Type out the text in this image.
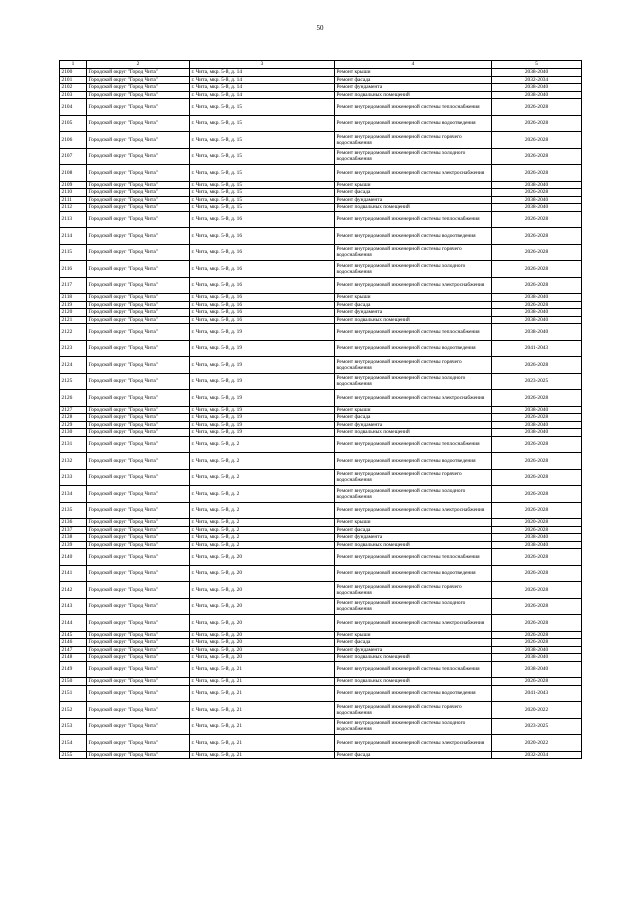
50
1	2	3	4	5
2100	Городской округ "Город Чита"	г. Чита, мкр. 5-й, д. 14	Ремонт крыши	2038-2040
2101	Городской округ "Город Чита"	г. Чита, мкр. 5-й, д. 14	Ремонт фасада	2032-2034
2102	Городской округ "Город Чита"	г. Чита, мкр. 5-й, д. 14	Ремонт фундамента	2038-2040
2103	Городской округ "Город Чита"	г. Чита, мкр. 5-й, д. 14	Ремонт подвальных помещений	2038-2040
2104	Городской округ "Город Чита"	г. Чита, мкр. 5-й, д. 15	Ремонт внутридомовой инженерной системы теплоснабжения	2026-2028
2105	Городской округ "Город Чита"	г. Чита, мкр. 5-й, д. 15	Ремонт внутридомовой инженерной системы водоотведения	2026-2028
2106	Городской округ "Город Чита"	г. Чита, мкр. 5-й, д. 15	Ремонт внутридомовой инженерной системы горячего водоснабжения	2026-2028
2107	Городской округ "Город Чита"	г. Чита, мкр. 5-й, д. 15	Ремонт внутридомовой инженерной системы холодного водоснабжения	2026-2028
2108	Городской округ "Город Чита"	г. Чита, мкр. 5-й, д. 15	Ремонт внутридомовой инженерной системы электроснабжения	2026-2028
2109	Городской округ "Город Чита"	г. Чита, мкр. 5-й, д. 15	Ремонт крыши	2038-2040
2110	Городской округ "Город Чита"	г. Чита, мкр. 5-й, д. 15	Ремонт фасада	2026-2028
2111	Городской округ "Город Чита"	г. Чита, мкр. 5-й, д. 15	Ремонт фундамента	2038-2040
2112	Городской округ "Город Чита"	г. Чита, мкр. 5-й, д. 15	Ремонт подвальных помещений	2038-2040
2113	Городской округ "Город Чита"	г. Чита, мкр. 5-й, д. 16	Ремонт внутридомовой инженерной системы теплоснабжения	2026-2028
2114	Городской округ "Город Чита"	г. Чита, мкр. 5-й, д. 16	Ремонт внутридомовой инженерной системы водоотведения	2026-2028
2115	Городской округ "Город Чита"	г. Чита, мкр. 5-й, д. 16	Ремонт внутридомовой инженерной системы горячего водоснабжения	2026-2028
2116	Городской округ "Город Чита"	г. Чита, мкр. 5-й, д. 16	Ремонт внутридомовой инженерной системы холодного водоснабжения	2026-2028
2117	Городской округ "Город Чита"	г. Чита, мкр. 5-й, д. 16	Ремонт внутридомовой инженерной системы электроснабжения	2026-2028
2118	Городской округ "Город Чита"	г. Чита, мкр. 5-й, д. 16	Ремонт крыши	2038-2040
2119	Городской округ "Город Чита"	г. Чита, мкр. 5-й, д. 16	Ремонт фасада	2026-2028
2120	Городской округ "Город Чита"	г. Чита, мкр. 5-й, д. 16	Ремонт фундамента	2038-2040
2121	Городской округ "Город Чита"	г. Чита, мкр. 5-й, д. 16	Ремонт подвальных помещений	2038-2040
2122	Городской округ "Город Чита"	г. Чита, мкр. 5-й, д. 19	Ремонт внутридомовой инженерной системы теплоснабжения	2038-2040
2123	Городской округ "Город Чита"	г. Чита, мкр. 5-й, д. 19	Ремонт внутридомовой инженерной системы водоотведения	2041-2043
2124	Городской округ "Город Чита"	г. Чита, мкр. 5-й, д. 19	Ремонт внутридомовой инженерной системы горячего водоснабжения	2026-2028
2125	Городской округ "Город Чита"	г. Чита, мкр. 5-й, д. 19	Ремонт внутридомовой инженерной системы холодного водоснабжения	2023-2025
2126	Городской округ "Город Чита"	г. Чита, мкр. 5-й, д. 19	Ремонт внутридомовой инженерной системы электроснабжения	2026-2028
2127	Городской округ "Город Чита"	г. Чита, мкр. 5-й, д. 19	Ремонт крыши	2038-2040
2128	Городской округ "Город Чита"	г. Чита, мкр. 5-й, д. 19	Ремонт фасада	2026-2028
2129	Городской округ "Город Чита"	г. Чита, мкр. 5-й, д. 19	Ремонт фундамента	2038-2040
2130	Городской округ "Город Чита"	г. Чита, мкр. 5-й, д. 19	Ремонт подвальных помещений	2038-2040
2131	Городской округ "Город Чита"	г. Чита, мкр. 5-й, д. 2	Ремонт внутридомовой инженерной системы теплоснабжения	2026-2028
2132	Городской округ "Город Чита"	г. Чита, мкр. 5-й, д. 2	Ремонт внутридомовой инженерной системы водоотведения	2026-2028
2133	Городской округ "Город Чита"	г. Чита, мкр. 5-й, д. 2	Ремонт внутридомовой инженерной системы горячего водоснабжения	2026-2028
2134	Городской округ "Город Чита"	г. Чита, мкр. 5-й, д. 2	Ремонт внутридомовой инженерной системы холодного водоснабжения	2026-2028
2135	Городской округ "Город Чита"	г. Чита, мкр. 5-й, д. 2	Ремонт внутридомовой инженерной системы электроснабжения	2026-2028
2136	Городской округ "Город Чита"	г. Чита, мкр. 5-й, д. 2	Ремонт крыши	2020-2028
2137	Городской округ "Город Чита"	г. Чита, мкр. 5-й, д. 2	Ремонт фасада	2026-2028
2138	Городской округ "Город Чита"	г. Чита, мкр. 5-й, д. 2	Ремонт фундамента	2038-2040
2139	Городской округ "Город Чита"	г. Чита, мкр. 5-й, д. 2	Ремонт подвальных помещений	2038-2040
2140	Городской округ "Город Чита"	г. Чита, мкр. 5-й, д. 20	Ремонт внутридомовой инженерной системы теплоснабжения	2026-2028
2141	Городской округ "Город Чита"	г. Чита, мкр. 5-й, д. 20	Ремонт внутридомовой инженерной системы водоотведения	2026-2028
2142	Городской округ "Город Чита"	г. Чита, мкр. 5-й, д. 20	Ремонт внутридомовой инженерной системы горячего водоснабжения	2026-2028
2143	Городской округ "Город Чита"	г. Чита, мкр. 5-й, д. 20	Ремонт внутридомовой инженерной системы холодного водоснабжения	2026-2028
2144	Городской округ "Город Чита"	г. Чита, мкр. 5-й, д. 20	Ремонт внутридомовой инженерной системы электроснабжения	2026-2028
2145	Городской округ "Город Чита"	г. Чита, мкр. 5-й, д. 20	Ремонт крыши	2026-2028
2146	Городской округ "Город Чита"	г. Чита, мкр. 5-й, д. 20	Ремонт фасада	2026-2028
2147	Городской округ "Город Чита"	г. Чита, мкр. 5-й, д. 20	Ремонт фундамента	2038-2040
2148	Городской округ "Город Чита"	г. Чита, мкр. 5-й, д. 20	Ремонт подвальных помещений	2038-2040
2149	Городской округ "Город Чита"	г. Чита, мкр. 5-й, д. 21	Ремонт внутридомовой инженерной системы теплоснабжения	2038-2040
2150	Городской округ "Город Чита"	г. Чита, мкр. 5-й, д. 21	Ремонт подвальных помещений	2026-2028
2151	Городской округ "Город Чита"	г. Чита, мкр. 5-й, д. 21	Ремонт внутридомовой инженерной системы водоотведения	2041-2043
2152	Городской округ "Город Чита"	г. Чита, мкр. 5-й, д. 21	Ремонт внутридомовой инженерной системы горячего водоснабжения	2020-2022
2153	Городской округ "Город Чита"	г. Чита, мкр. 5-й, д. 21	Ремонт внутридомовой инженерной системы холодного водоснабжения	2023-2025
2154	Городской округ "Город Чита"	г. Чита, мкр. 5-й, д. 21	Ремонт внутридомовой инженерной системы электроснабжения	2020-2022
2155	Городской округ "Город Чита"	г. Чита, мкр. 5-й, д. 21	Ремонт фасада	2032-2034
